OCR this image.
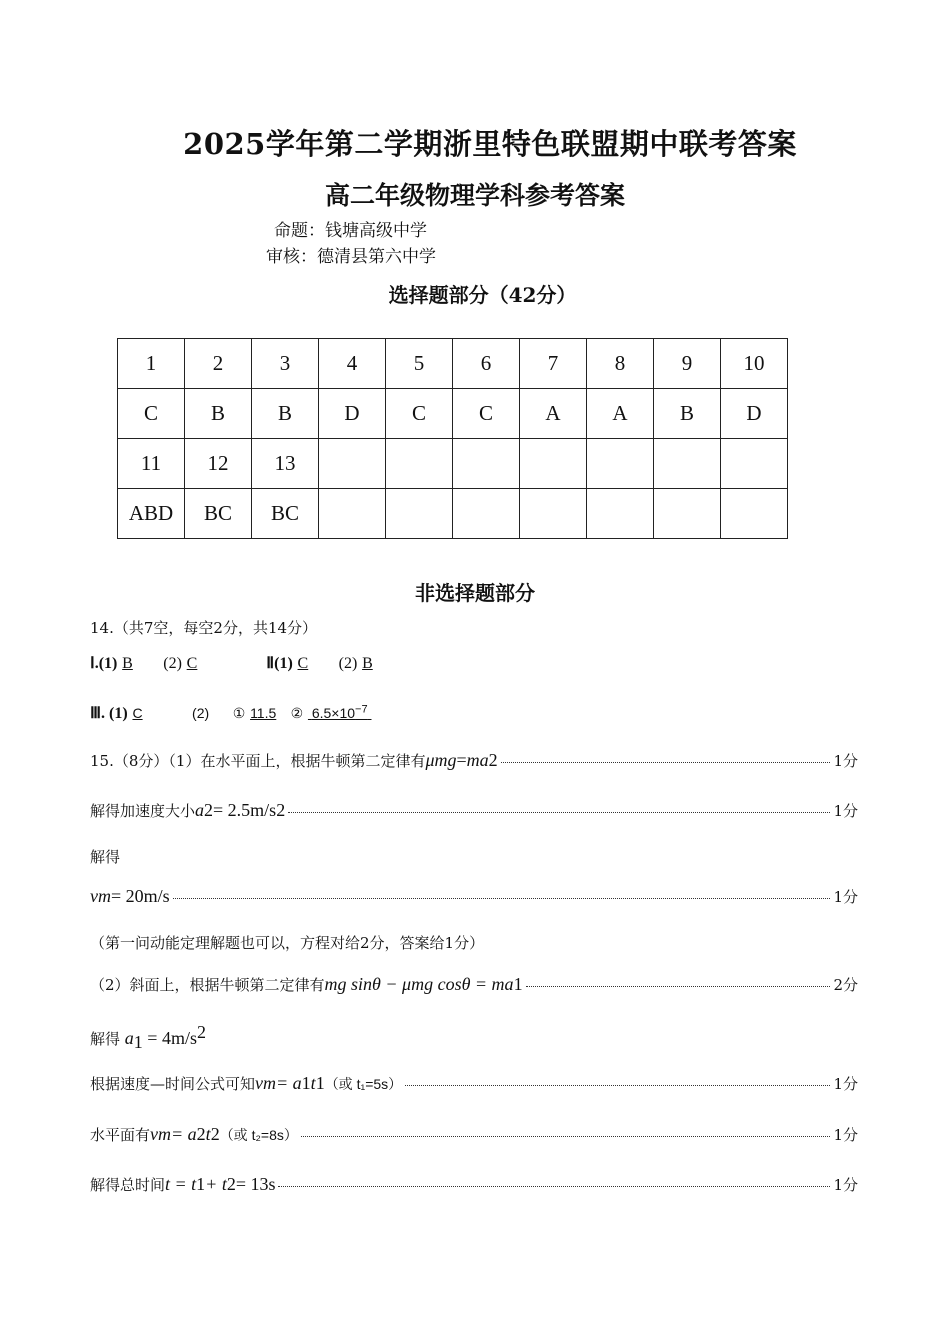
2025学年第二学期浙里特色联盟期中联考答案
高二年级物理学科参考答案
命题：钱塘高级中学
审核：德清县第六中学
选择题部分（42分）
1	2	3	4	5	6	7	8	9	10
C	B	B	D	C	C	A	A	B	D
11	12	13							
ABD	BC	BC							
非选择题部分
14.（共7空，每空2分，共14分）
Ⅰ.(1) B (2) C	Ⅱ(1) C (2) B
Ⅲ. (1) C	(2) ① 11.5 ② $6.5\times 10^{-7}$
15.（8分）（1）在水平面上，根据牛顿第二定律有 μmg = ma 2	1分
解得加速度大小 a 2 = 2.5m/s 2	1分
解得
v m = 20m/s	1分
（第一问动能定理解题也可以，方程对给2分，答案给1分）
（2）斜面上，根据牛顿第二定律有 mg sinθ − μmg cosθ = ma 1	2分
解得 $a_1 = 4m/s^2$
根据速度—时间公式可知 v m = a 1 t 1 （或 t₁=5s）	1分
水平面有 v m = a 2 t 2 （或 t₂=8s）	1分
解得总时间 t = t 1 + t 2 = 13s	1分
